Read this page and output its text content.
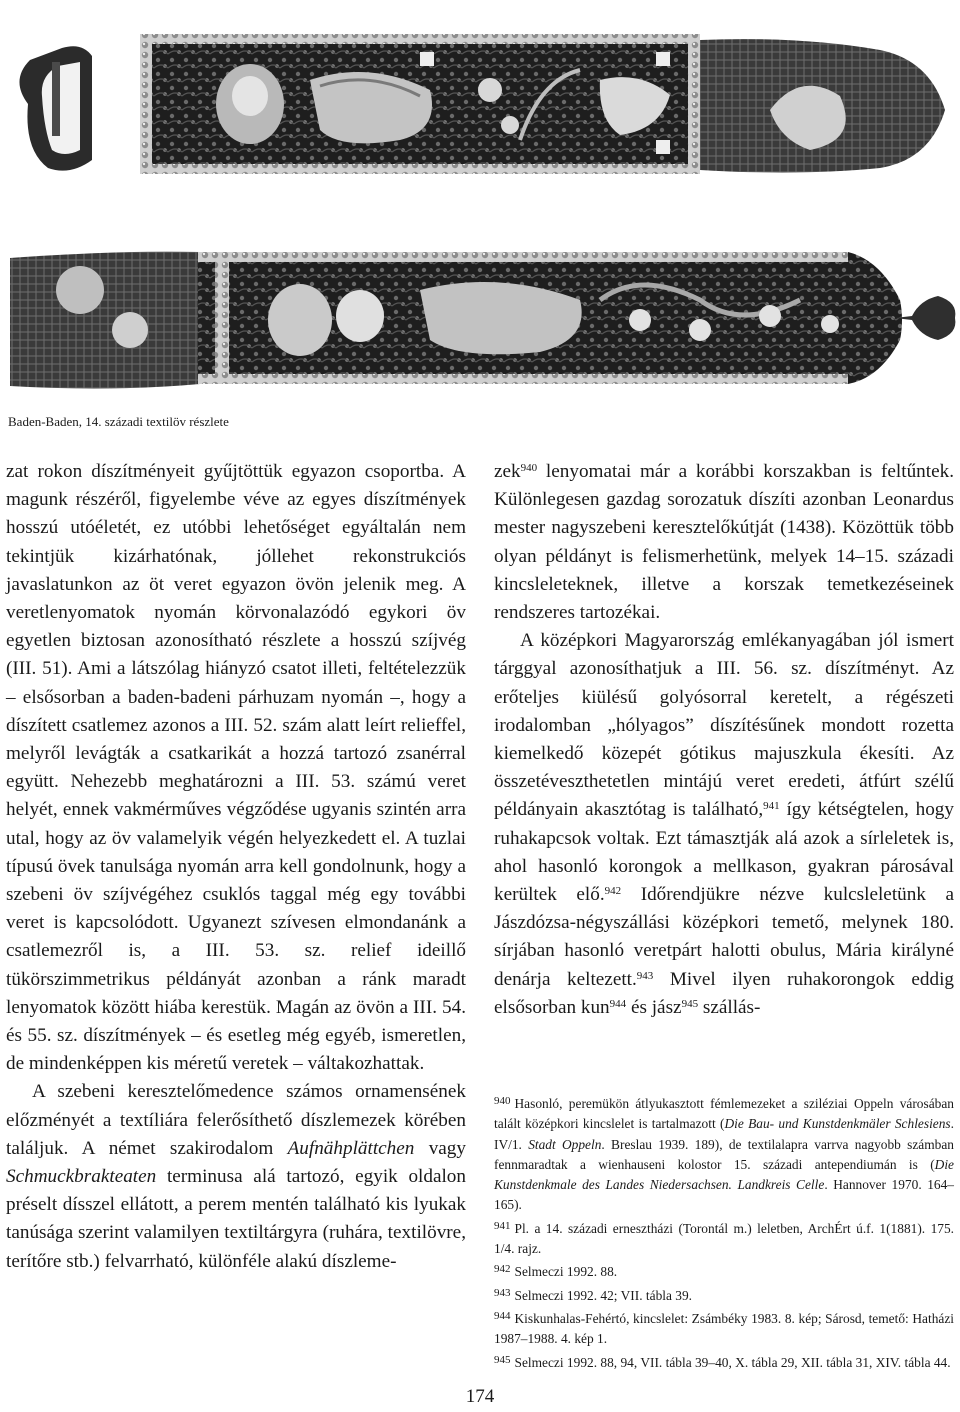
Baden-Baden, 14. századi textilöv részlete

zat rokon díszítményeit gyűjtöttük egyazon csoportba. A magunk részéről, figyelembe véve az egyes díszítmények hosszú utóéletét, ez utóbbi lehetőséget egyáltalán nem tekintjük kizárhatónak, jóllehet rekonstrukciós javaslatunkon az öt veret egyazon övön jelenik meg. A veretlenyomatok nyomán körvonalazódó egykori öv egyetlen biztosan azonosítható részlete a hosszú szíjvég (III. 51). Ami a látszólag hiányzó csatot illeti, feltételezzük – elsősorban a baden-badeni párhuzam nyomán –, hogy a díszített csatlemez azonos a III. 52. szám alatt leírt relieffel, melyről levágták a csatkarikát a hozzá tartozó zsanérral együtt. Nehezebb meghatározni a III. 53. számú veret helyét, ennek vakmérműves végződése ugyanis szintén arra utal, hogy az öv valamelyik végén helyezkedett el. A tuzlai típusú övek tanulsága nyomán arra kell gondolnunk, hogy a szebeni öv szíjvégéhez csuklós taggal még egy további veret is kapcsolódott. Ugyanezt szívesen elmondanánk a csatlemezről is, a III. 53. sz. relief ideillő tükörszimmetrikus példányát azonban a ránk maradt lenyomatok között hiába kerestük. Magán az övön a III. 54. és 55. sz. díszítmények – és esetleg még egyéb, ismeretlen, de mindenképpen kis méretű veretek – váltakozhattak.

A szebeni keresztelőmedence számos ornamensének előzményét a textíliára felerősíthető díszlemezek körében találjuk. A német szakirodalom Aufnähplättchen vagy Schmuckbrakteaten terminusa alá tartozó, egyik oldalon préselt dísszel ellátott, a perem mentén található kis lyukak tanúsága szerint valamilyen textiltárgyra (ruhára, textilövre, terítőre stb.) felvarrható, különféle alakú díszleme-

zek$^{940}$ lenyomatai már a korábbi korszakban is feltűntek. Különlegesen gazdag sorozatuk díszíti azonban Leonardus mester nagyszebeni keresztelőkútját (1438). Közöttük több olyan példányt is felismerhetünk, melyek 14–15. századi kincsleleteknek, illetve a korszak temetkezéseinek rendszeres tartozékai.

A középkori Magyarország emlékanyagában jól ismert tárggyal azonosíthatjuk a III. 56. sz. díszítményt. Az erőteljes kiülésű golyósorral keretelt, a régészeti irodalomban „hólyagos” díszítésűnek mondott rozetta kiemelkedő közepét gótikus majuszkula ékesíti. Az összetéveszthetetlen mintájú veret eredeti, átfúrt szélű példányain akasztótag is található,$^{941}$ így kétségtelen, hogy ruhakapcsok voltak. Ezt támasztják alá azok a sírleletek is, ahol hasonló korongok a mellkason, gyakran párosával kerültek elő.$^{942}$ Időrendjükre nézve kulcsleletünk a Jászdózsa-négyszállási középkori temető, melynek 180. sírjában hasonló veretpárt halotti obulus, Mária királyné denárja keltezett.$^{943}$ Mivel ilyen ruhakorongok eddig elsősorban kun$^{944}$ és jász$^{945}$ szállás-

$^{940}$ Hasonló, peremükön átlyukasztott fémlemezeket a sziléziai Oppeln városában talált középkori kincslelet is tartalmazott (Die Bau- und Kunstdenkmäler Schlesiens. IV/1. Stadt Oppeln. Breslau 1939. 189), de textilalapra varrva nagyobb számban fennmaradtak a wienhauseni kolostor 15. századi antependiumán is (Die Kunstdenkmale des Landes Niedersachsen. Landkreis Celle. Hannover 1970. 164–165).

$^{941}$ Pl. a 14. századi ernesztházi (Torontál m.) leletben, ArchÉrt ú.f. 1(1881). 175. 1/4. rajz.

$^{942}$ Selmeczi 1992. 88.

$^{943}$ Selmeczi 1992. 42; VII. tábla 39.

$^{944}$ Kiskunhalas-Fehértó, kincslelet: Zsámbéky 1983. 8. kép; Sárosd, temető: Hatházi 1987–1988. 4. kép 1.

$^{945}$ Selmeczi 1992. 88, 94, VII. tábla 39–40, X. tábla 29, XII. tábla 31, XIV. tábla 44.

174
